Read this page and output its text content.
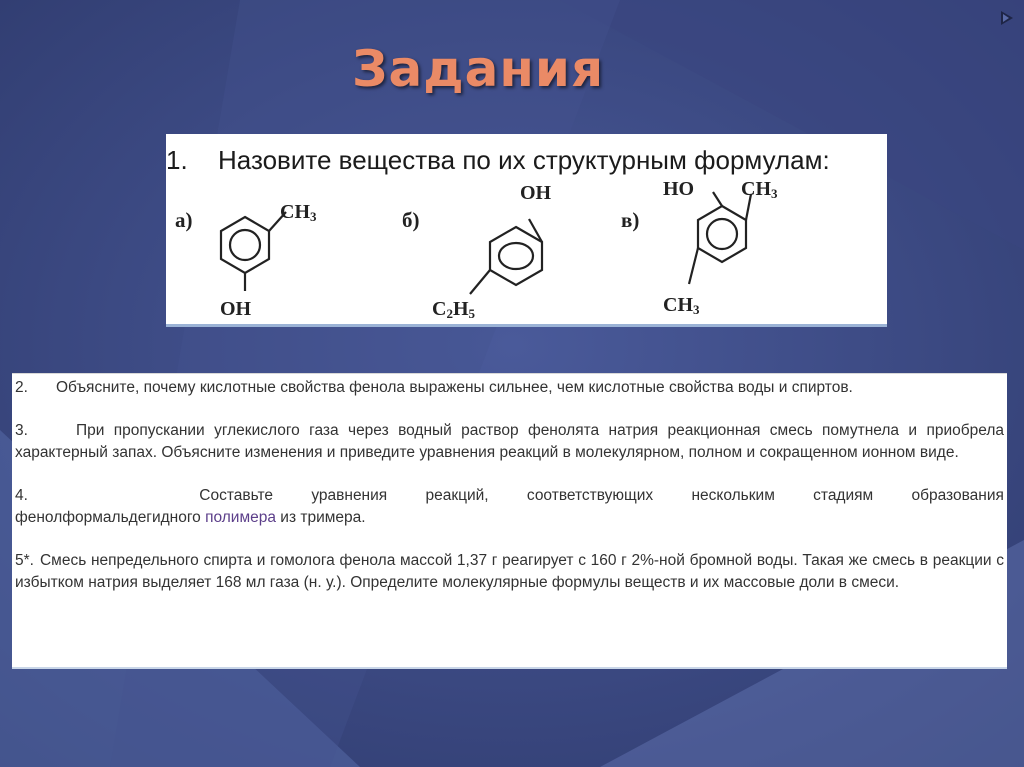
Задания
1. Назовите вещества по их структурным формулам:
а)	$CH_3$
OH
б)
OH
$C_2H_5$
в)
HO $CH_3$
$CH_3$
2. Объясните, почему кислотные свойства фенола выражены сильнее, чем кислотные свойства воды и спиртов.
3.	При пропускании углекислого газа через водный раствор фенолята натрия реакционная смесь помутнела и приобрела характерный запах. Объясните изменения и приведите уравнения реакций в молекулярном, полном и сокращенном ионном виде.
4.	Составьте уравнения реакций, соответствующих нескольким стадиям образования
фенолформальдегидного полимера из тримера.
5*. Смесь непредельного спирта и гомолога фенола массой 1,37 г реагирует с 160 г 2%-ной бромной воды. Такая же смесь в реакции с избытком натрия выделяет 168 мл газа (н. у.). Определите молекулярные формулы веществ и их массовые доли в смеси.
